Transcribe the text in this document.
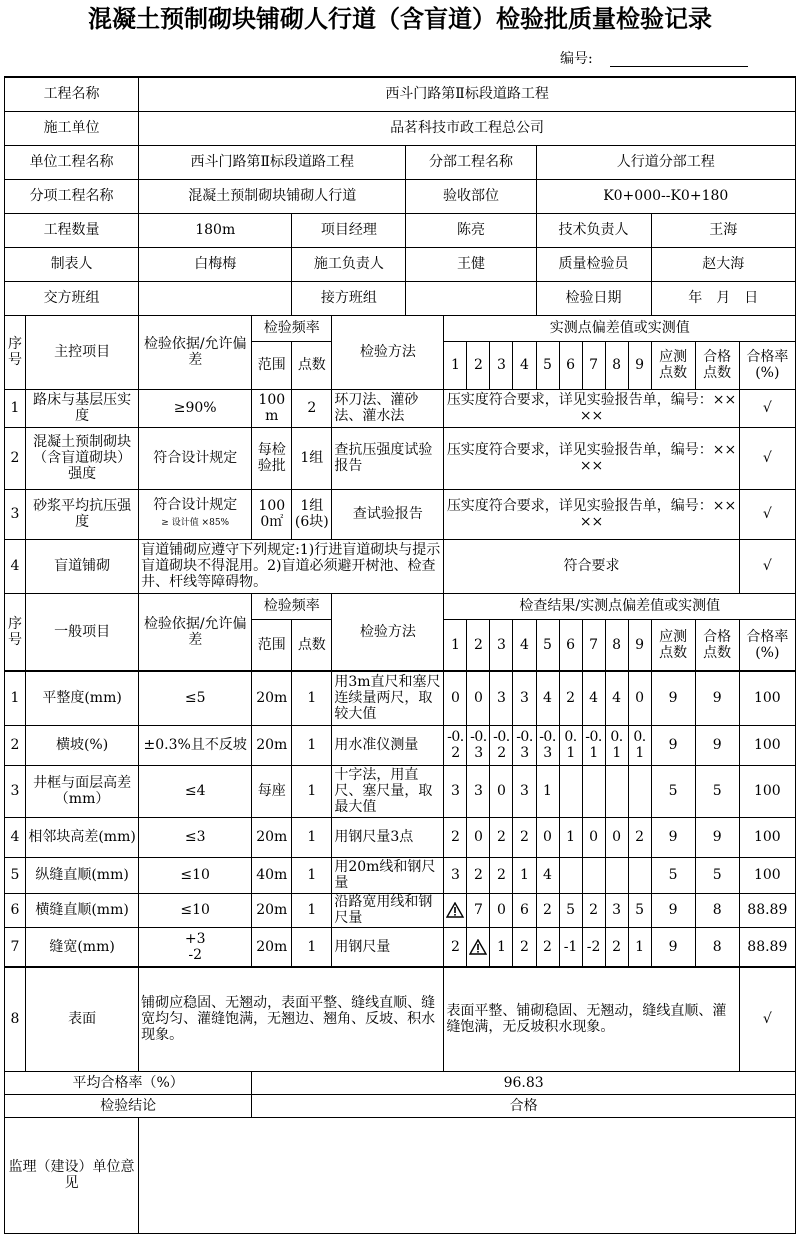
混凝土预制砌块铺砌人行道（含盲道）检验批质量检验记录
编号:
工程名称		西斗门路第Ⅱ标段道路工程																
施工单位		品茗科技市政工程总公司																
单位工程名称		西斗门路第Ⅱ标段道路工程				分部工程名称					人行道分部工程							
分项工程名称		混凝土预制砌块铺砌人行道				验收部位					K0+000--K0+180							
工程数量		180m		项目经理		陈亮					技术负责人					王海		
制表人		白梅梅		施工负责人		王健					质量检验员					赵大海		
交方班组				接方班组							检验日期					年　月　日		
序号	主控项目	检验依据/允许偏差	检验频率		检验方法		实测点偏差值或实测值											
			范围	点数			1	2	3	4	5	6	7	8	9	应测点数	合格点数	合格率(%)
1	路床与基层压实度	≥90%	100m	2	环刀法、灌砂法、灌水法		压实度符合要求，详见实验报告单，编号：××××											√
2	混凝土预制砌块（含盲道砌块）强度	符合设计规定	每检验批	1组	查抗压强度试验报告		压实度符合要求，详见实验报告单，编号：××××											√
3	砂浆平均抗压强度	符合设计规定
≥ 设计值 ×85%	1000㎡	1组(6块)	查试验报告		压实度符合要求，详见实验报告单，编号：××××											√
4	盲道铺砌	盲道铺砌应遵守下列规定:1)行进盲道砌块与提示盲道砌块不得混用。2)盲道必须避开树池、检查井、杆线等障碍物。					符合要求											√
序号	一般项目	检验依据/允许偏差	检验频率		检验方法		检查结果/实测点偏差值或实测值											
			范围	点数			1	2	3	4	5	6	7	8	9	应测点数	合格点数	合格率(%)
1	平整度(mm)	≤5	20m	1	用3m直尺和塞尺连续量两尺，取较大值		0	0	3	3	4	2	4	4	0	9	9	100
2	横坡(%)	±0.3%且不反坡	20m	1	用水准仪测量		-0.2	-0.3	-0.2	-0.3	-0.3	0.1	-0.1	0.1	0.1	9	9	100
3	井框与面层高差（mm）	≤4	每座	1	十字法，用直尺、塞尺量，取最大值		3	3	0	3	1					5	5	100
4	相邻块高差(mm)	≤3	20m	1	用钢尺量3点		2	0	2	2	0	1	0	0	2	9	9	100
5	纵缝直顺(mm)	≤10	40m	1	用20m线和钢尺量		3	2	2	1	4					5	5	100
6	横缝直顺(mm)	≤10	20m	1	沿路宽用线和钢尺量			7	0	6	2	5	2	3	5	9	8	88.89
7	缝宽(mm)	+3
-2	20m	1	用钢尺量		2		1	2	2	-1	-2	2	1	9	8	88.89
8	表面	铺砌应稳固、无翘动，表面平整、缝线直顺、缝宽均匀、灌缝饱满，无翘边、翘角、反坡、积水现象。					表面平整、铺砌稳固、无翘动，缝线直顺、灌缝饱满，无反坡积水现象。											√
平均合格率（%）			96.83															
检验结论			合格															
监理（建设）单位意见																		
